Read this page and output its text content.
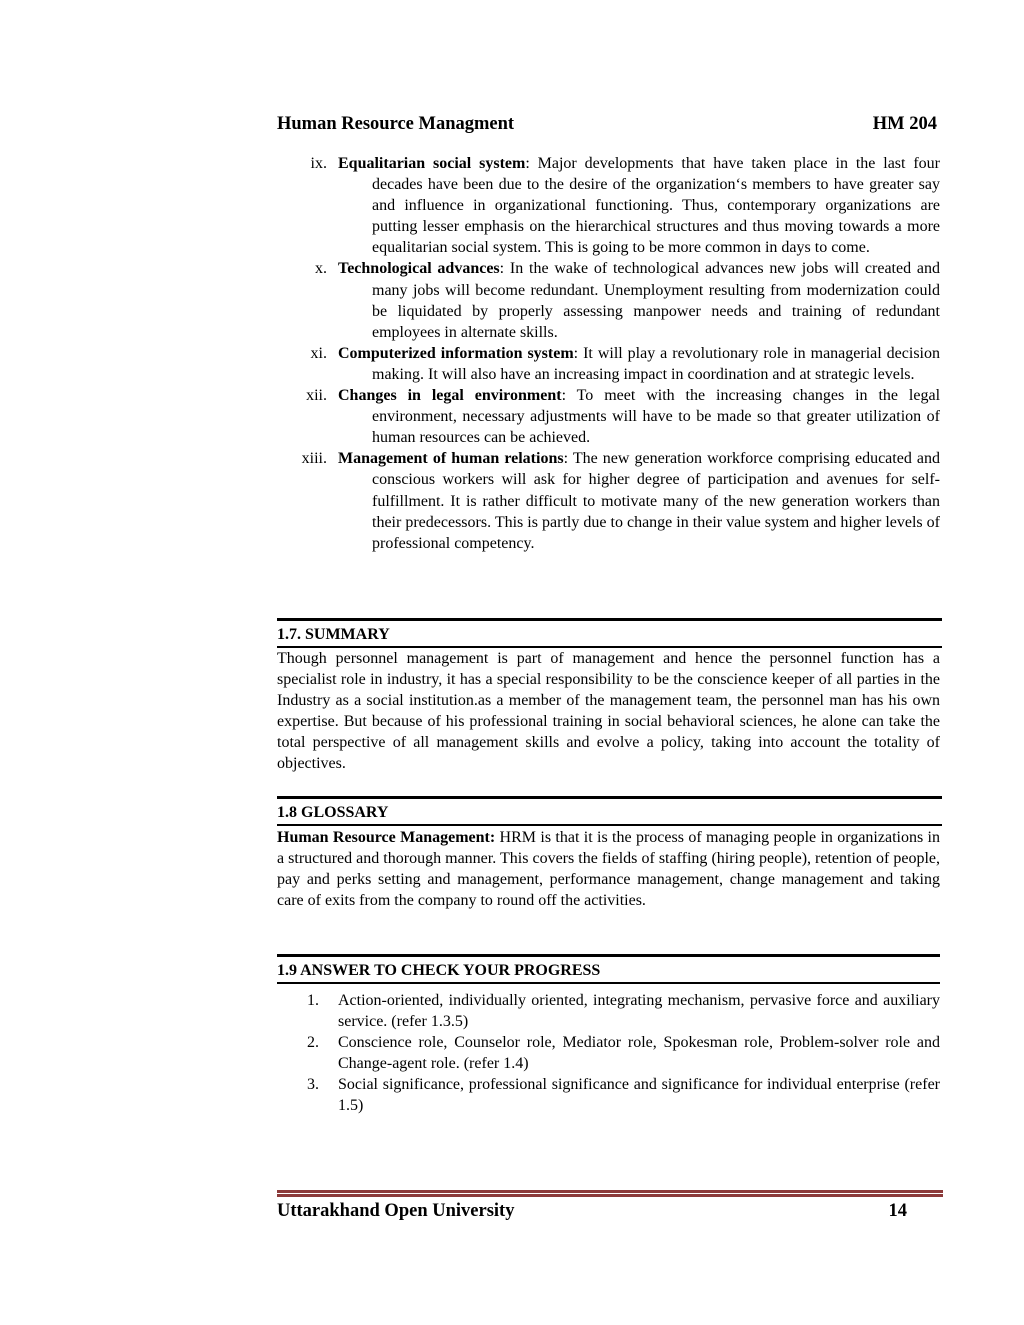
Human Resource Managment	HM 204
ix. Equalitarian social system: Major developments that have taken place in the last four decades have been due to the desire of the organization‘s members to have greater say and influence in organizational functioning. Thus, contemporary organizations are putting lesser emphasis on the hierarchical structures and thus moving towards a more equalitarian social system. This is going to be more common in days to come.
x. Technological advances: In the wake of technological advances new jobs will created and many jobs will become redundant. Unemployment resulting from modernization could be liquidated by properly assessing manpower needs and training of redundant employees in alternate skills.
xi. Computerized information system: It will play a revolutionary role in managerial decision making. It will also have an increasing impact in coordination and at strategic levels.
xii. Changes in legal environment: To meet with the increasing changes in the legal environment, necessary adjustments will have to be made so that greater utilization of human resources can be achieved.
xiii. Management of human relations: The new generation workforce comprising educated and conscious workers will ask for higher degree of participation and avenues for self-fulfillment. It is rather difficult to motivate many of the new generation workers than their predecessors. This is partly due to change in their value system and higher levels of professional competency.
1.7. SUMMARY
Though personnel management is part of management and hence the personnel function has a specialist role in industry, it has a special responsibility to be the conscience keeper of all parties in the Industry as a social institution.as a member of the management team, the personnel man has his own expertise. But because of his professional training in social behavioral sciences, he alone can take the total perspective of all management skills and evolve a policy, taking into account the totality of objectives.
1.8 GLOSSARY
Human Resource Management: HRM is that it is the process of managing people in organizations in a structured and thorough manner. This covers the fields of staffing (hiring people), retention of people, pay and perks setting and management, performance management, change management and taking care of exits from the company to round off the activities.
1.9 ANSWER TO CHECK YOUR PROGRESS
1. Action-oriented, individually oriented, integrating mechanism, pervasive force and auxiliary service. (refer 1.3.5)
2. Conscience role, Counselor role, Mediator role, Spokesman role, Problem-solver role and Change-agent role. (refer 1.4)
3. Social significance, professional significance and significance for individual enterprise (refer 1.5)
Uttarakhand Open University	14
